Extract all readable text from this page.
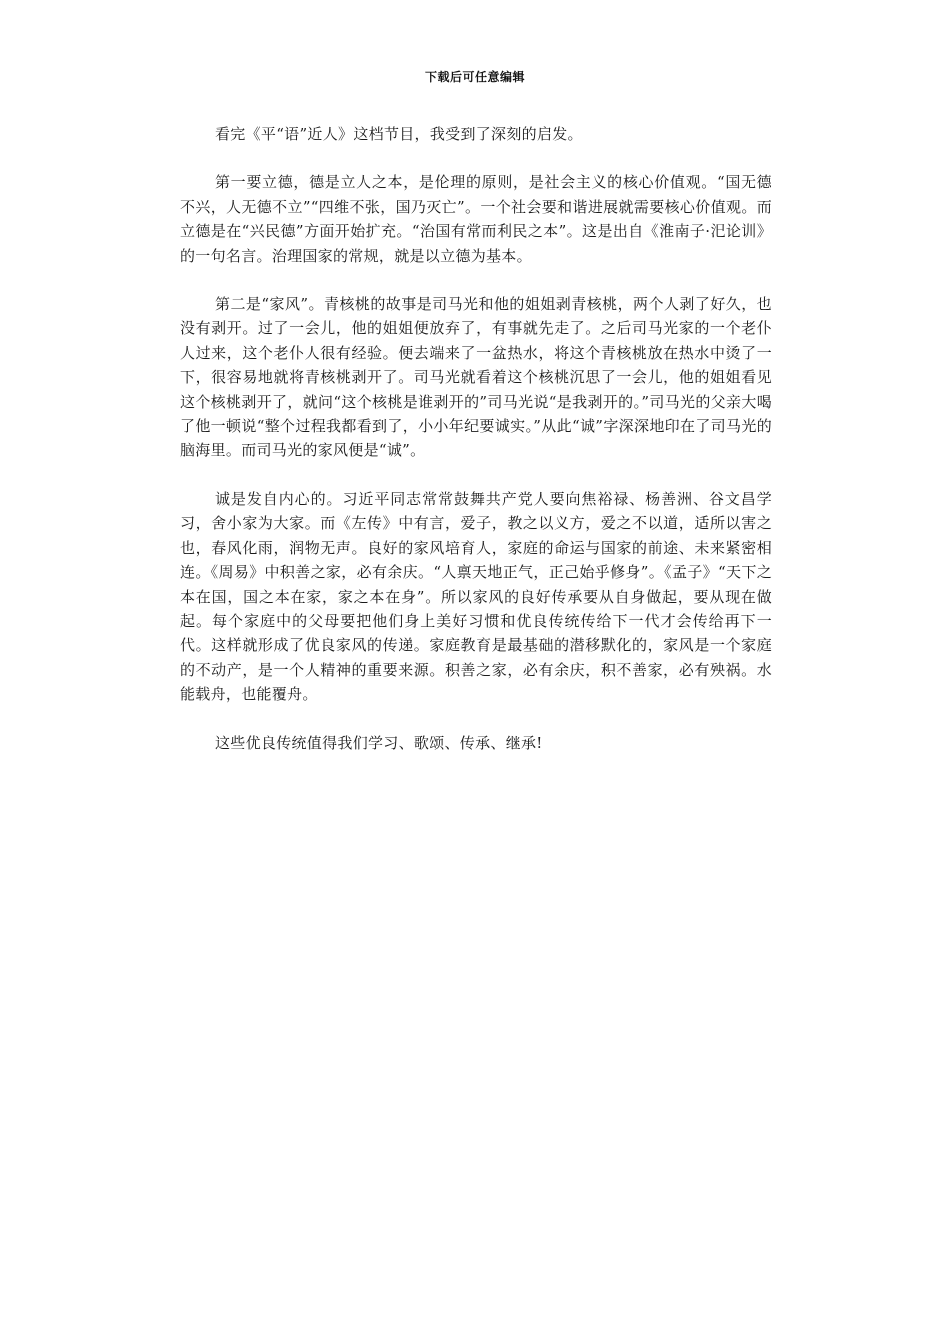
下载后可任意编辑

看完《平“语”近人》这档节目，我受到了深刻的启发。

第一要立德，德是立人之本，是伦理的原则，是社会主义的核心价值观。“国无德不兴，人无德不立”“四维不张，国乃灭亡”。一个社会要和谐进展就需要核心价值观。而立德是在“兴民德”方面开始扩充。“治国有常而利民之本”。这是出自《淮南子·汜论训》的一句名言。治理国家的常规，就是以立德为基本。

第二是“家风”。青核桃的故事是司马光和他的姐姐剥青核桃，两个人剥了好久，也没有剥开。过了一会儿，他的姐姐便放弃了，有事就先走了。之后司马光家的一个老仆人过来，这个老仆人很有经验。便去端来了一盆热水，将这个青核桃放在热水中烫了一下，很容易地就将青核桃剥开了。司马光就看着这个核桃沉思了一会儿，他的姐姐看见这个核桃剥开了，就问“这个核桃是谁剥开的”司马光说“是我剥开的。”司马光的父亲大喝了他一顿说“整个过程我都看到了，小小年纪要诚实。”从此“诚”字深深地印在了司马光的脑海里。而司马光的家风便是“诚”。

诚是发自内心的。习近平同志常常鼓舞共产党人要向焦裕禄、杨善洲、谷文昌学习，舍小家为大家。而《左传》中有言，爱子，教之以义方，爱之不以道，适所以害之也，春风化雨，润物无声。良好的家风培育人，家庭的命运与国家的前途、未来紧密相连。《周易》中积善之家，必有余庆。“人禀天地正气，正己始乎修身”。《孟子》“天下之本在国，国之本在家，家之本在身”。所以家风的良好传承要从自身做起，要从现在做起。每个家庭中的父母要把他们身上美好习惯和优良传统传给下一代才会传给再下一代。这样就形成了优良家风的传递。家庭教育是最基础的潜移默化的，家风是一个家庭的不动产，是一个人精神的重要来源。积善之家，必有余庆，积不善家，必有殃祸。水能载舟，也能覆舟。

这些优良传统值得我们学习、歌颂、传承、继承!
